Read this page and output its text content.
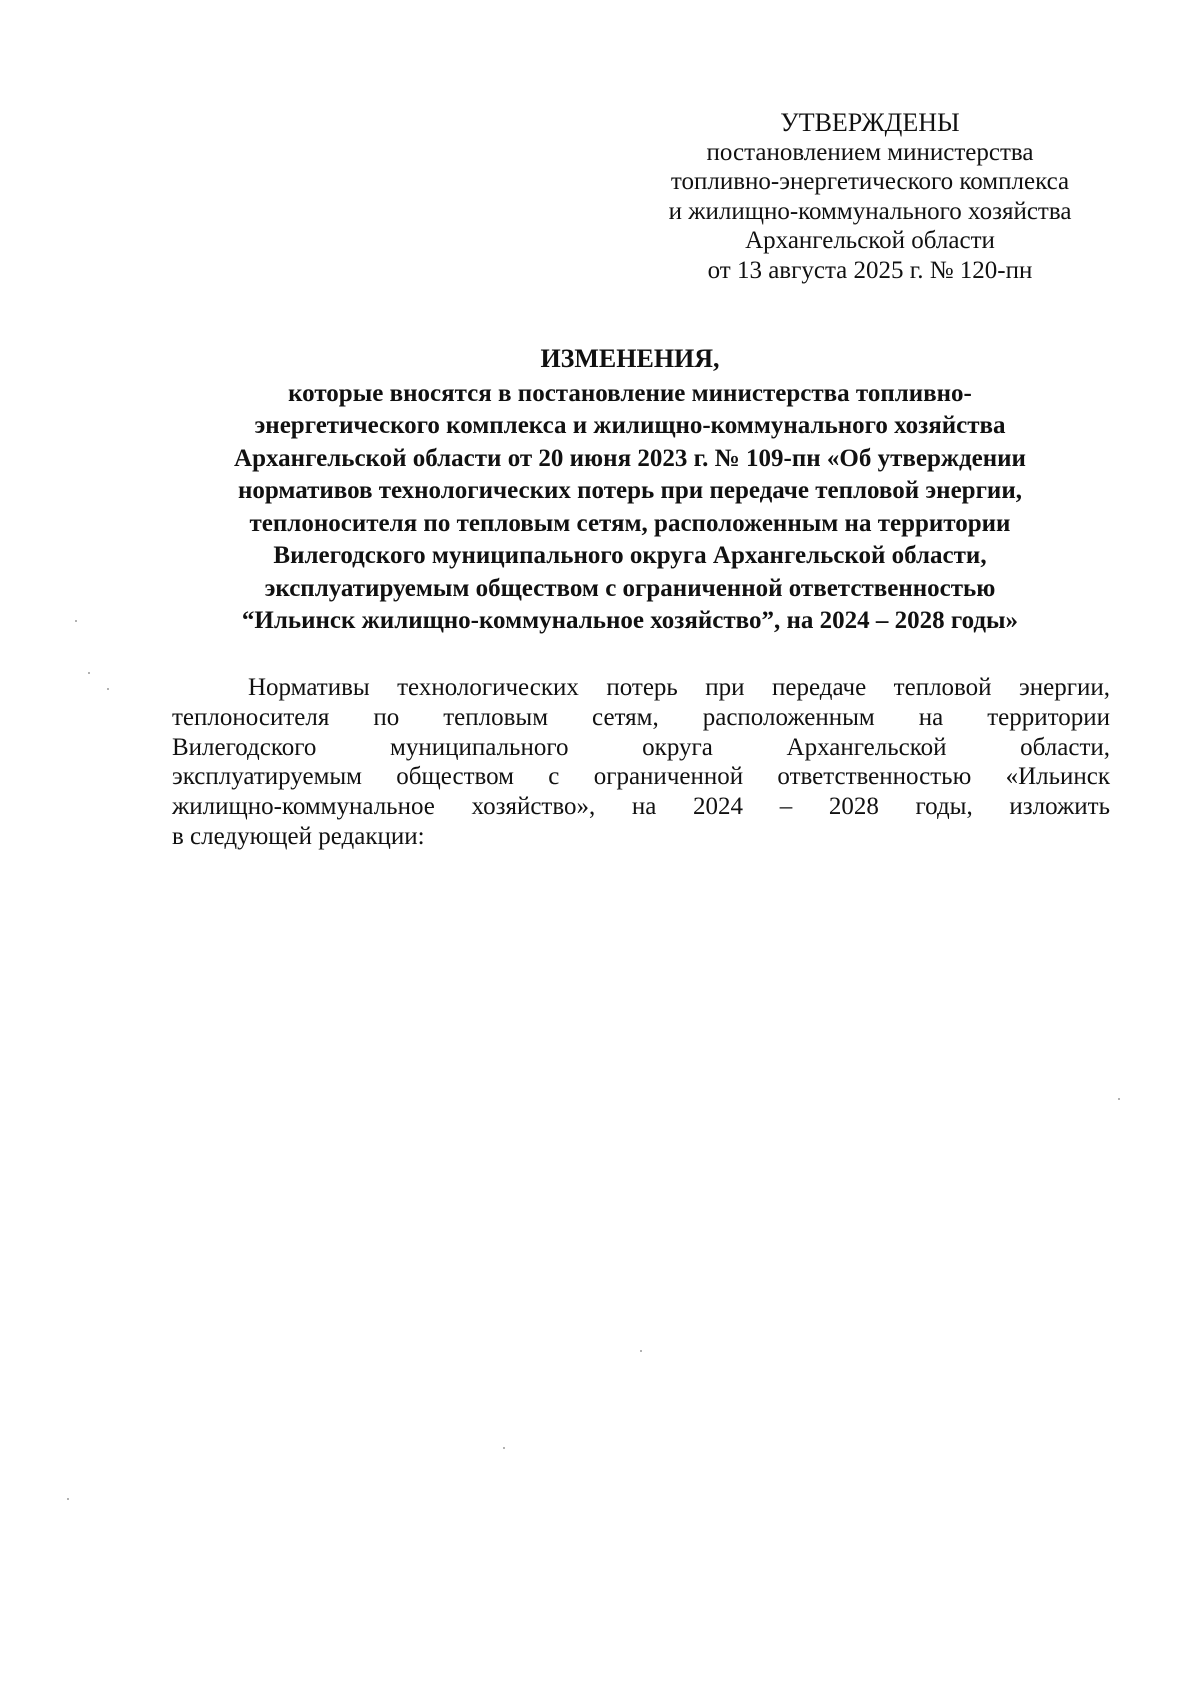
УТВЕРЖДЕНЫ
постановлением министерства
топливно-энергетического комплекса
и жилищно-коммунального хозяйства
Архангельской области
от 13 августа 2025 г. № 120-пн
ИЗМЕНЕНИЯ,
которые вносятся в постановление министерства топливно-
энергетического комплекса и жилищно-коммунального хозяйства
Архангельской области от 20 июня 2023 г. № 109-пн «Об утверждении
нормативов технологических потерь при передаче тепловой энергии,
теплоносителя по тепловым сетям, расположенным на территории
Вилегодского муниципального округа Архангельской области,
эксплуатируемым обществом с ограниченной ответственностью
“Ильинск жилищно-коммунальное хозяйство”, на 2024 – 2028 годы»
Нормативы технологических потерь при передаче тепловой энергии,
теплоносителя по тепловым сетям, расположенным на территории
Вилегодского муниципального округа Архангельской области,
эксплуатируемым обществом с ограниченной ответственностью «Ильинск
жилищно-коммунальное хозяйство», на 2024 – 2028 годы, изложить
в следующей редакции:
